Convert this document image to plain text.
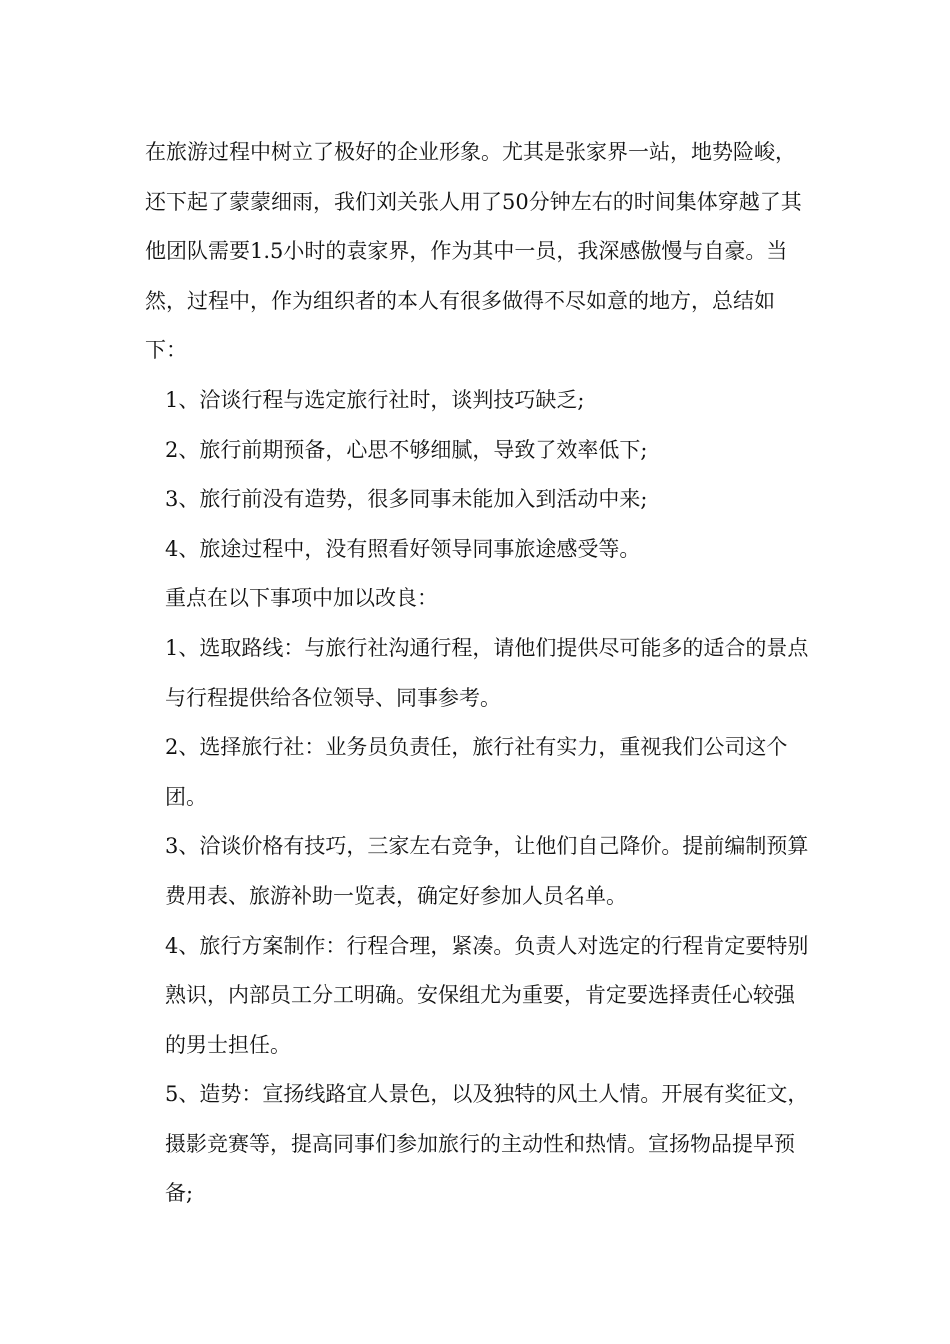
在旅游过程中树立了极好的企业形象。尤其是张家界一站，地势险峻，还下起了蒙蒙细雨，我们刘关张人用了50分钟左右的时间集体穿越了其他团队需要1.5小时的袁家界，作为其中一员，我深感傲慢与自豪。当然，过程中，作为组织者的本人有很多做得不尽如意的地方，总结如下：

1、洽谈行程与选定旅行社时，谈判技巧缺乏;

2、旅行前期预备，心思不够细腻，导致了效率低下;

3、旅行前没有造势，很多同事未能加入到活动中来;

4、旅途过程中，没有照看好领导同事旅途感受等。

重点在以下事项中加以改良：

1、选取路线：与旅行社沟通行程，请他们提供尽可能多的适合的景点与行程提供给各位领导、同事参考。

2、选择旅行社：业务员负责任，旅行社有实力，重视我们公司这个团。

3、洽谈价格有技巧，三家左右竞争，让他们自己降价。提前编制预算费用表、旅游补助一览表，确定好参加人员名单。

4、旅行方案制作：行程合理，紧凑。负责人对选定的行程肯定要特别熟识，内部员工分工明确。安保组尤为重要，肯定要选择责任心较强的男士担任。

5、造势：宣扬线路宜人景色，以及独特的风土人情。开展有奖征文，摄影竞赛等，提高同事们参加旅行的主动性和热情。宣扬物品提早预备;
